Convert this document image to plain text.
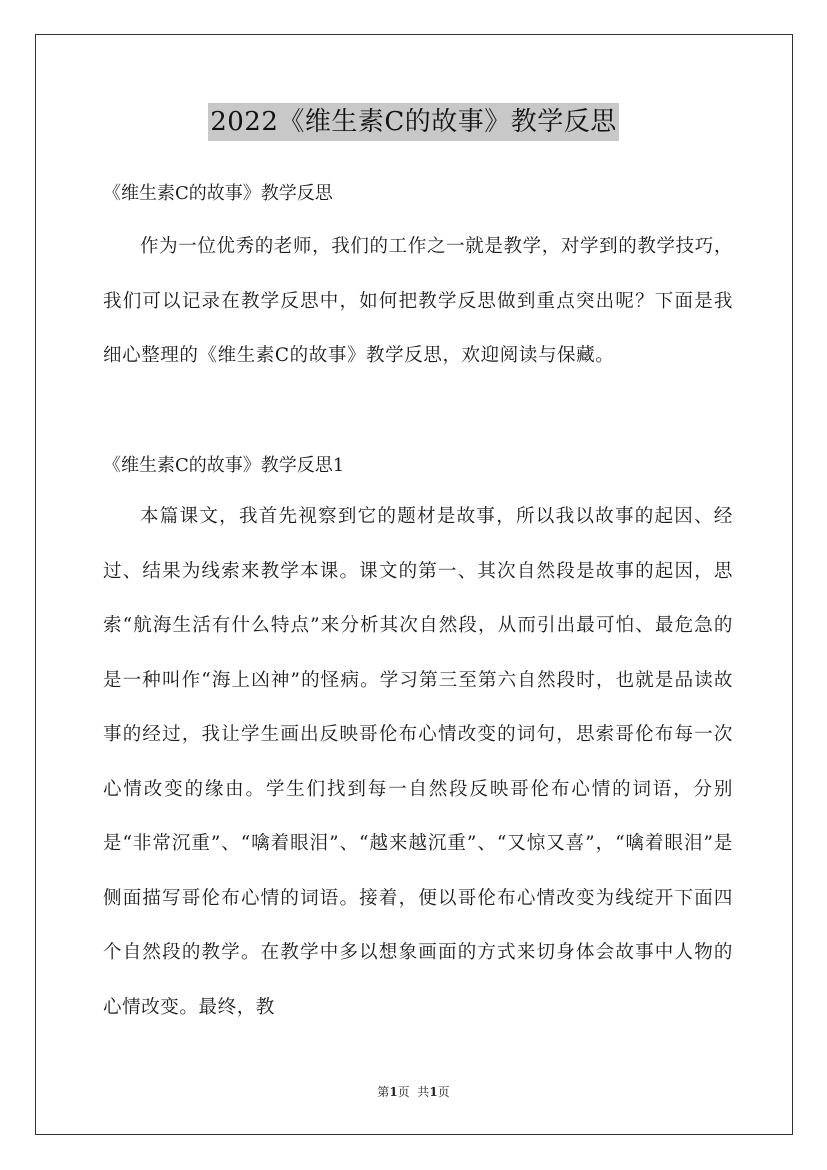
2022《维生素C的故事》教学反思
《维生素C的故事》教学反思

作为一位优秀的老师，我们的工作之一就是教学，对学到的教学技巧，我们可以记录在教学反思中，如何把教学反思做到重点突出呢？下面是我细心整理的《维生素C的故事》教学反思，欢迎阅读与保藏。

《维生素C的故事》教学反思1

本篇课文，我首先视察到它的题材是故事，所以我以故事的起因、经过、结果为线索来教学本课。课文的第一、其次自然段是故事的起因，思索“航海生活有什么特点”来分析其次自然段，从而引出最可怕、最危急的是一种叫作“海上凶神”的怪病。学习第三至第六自然段时，也就是品读故事的经过，我让学生画出反映哥伦布心情改变的词句，思索哥伦布每一次心情改变的缘由。学生们找到每一自然段反映哥伦布心情的词语，分别是“非常沉重”、“噙着眼泪”、“越来越沉重”、“又惊又喜”，“噙着眼泪”是侧面描写哥伦布心情的词语。接着，便以哥伦布心情改变为线绽开下面四个自然段的教学。在教学中多以想象画面的方式来切身体会故事中人物的心情改变。最终，教

第1页  共1页
